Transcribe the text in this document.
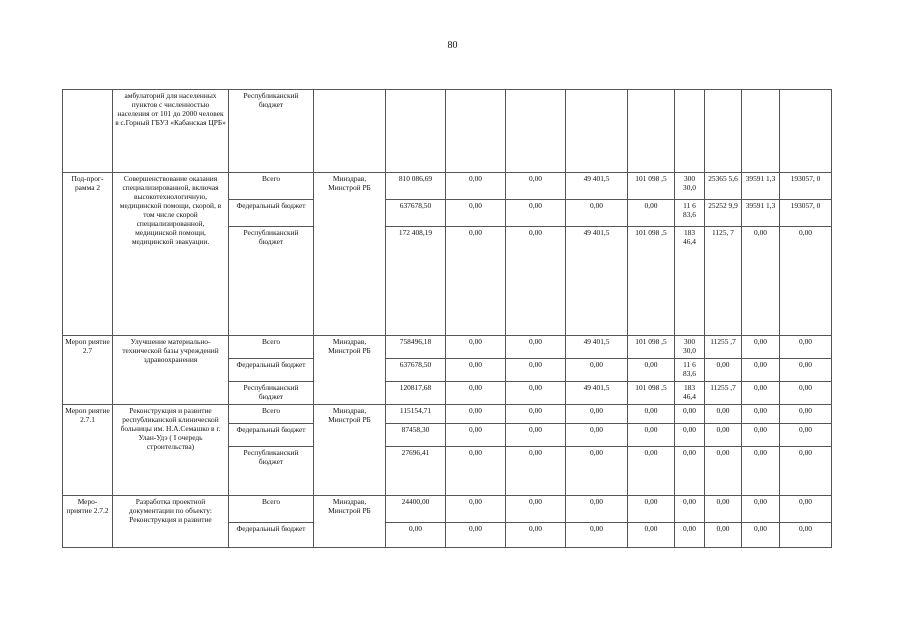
80
	амбулаторий для населенных пунктов с численностью населения от 101 до 2000 человек в с.Горный ГБУЗ «Кабанская ЦРБ»	Республиканский бюджет										
Под-прог-рамма 2	Совершенствование оказания специализированной, включая высокотехнологичную, медицинской помощи, скорой, в том числе скорой специализированной, медицинской помощи, медицинской эвакуации.	Всего	Минздрав, Минстрой РБ	810 086,69	0,00	0,00	49 401,5	101 098 ,5	300 30,0	25365 5,6	39591 1,3	193057, 0
		Федеральный бюджет		637678,50	0,00	0,00	0,00	0,00	11 6 83,6	25252 9,9	39591 1,3	193057, 0
		Республиканский бюджет		172 408,19	0,00	0,00	49 401,5	101 098 ,5	183 46,4	1125, 7	0,00	0,00
Мероп риятие 2.7	Улучшение материально-технической базы учреждений здравоохранения	Всего	Минздрав, Минстрой РБ	758496,18	0,00	0,00	49 401,5	101 098 ,5	300 30,0	11255 ,7	0,00	0,00
		Федеральный бюджет		637678,50	0,00	0,00	0,00	0,00	11 6 83,6	0,00	0,00	0,00
		Республиканский бюджет		120817,68	0,00	0,00	49 401,5	101 098 ,5	183 46,4	11255 ,7	0,00	0,00
Мероп риятие 2.7.1	Реконструкция и развитие республиканской клинической больницы им. Н.А.Семашко в г. Улан-Удэ ( I очередь строительства)	Всего	Минздрав, Минстрой РБ	115154,71	0,00	0,00	0,00	0,00	0,00	0,00	0,00	0,00
		Федеральный бюджет		87458,30	0,00	0,00	0,00	0,00	0,00	0,00	0,00	0,00
		Республиканский бюджет		27696,41	0,00	0,00	0,00	0,00	0,00	0,00	0,00	0,00
Меро-приятие 2.7.2	Разработка проектной документации по объекту: Реконструкция и развитие	Всего	Минздрав, Минстрой РБ	24400,00	0,00	0,00	0,00	0,00	0,00	0,00	0,00	0,00
		Федеральный бюджет		0,00	0,00	0,00	0,00	0,00	0,00	0,00	0,00	0,00
